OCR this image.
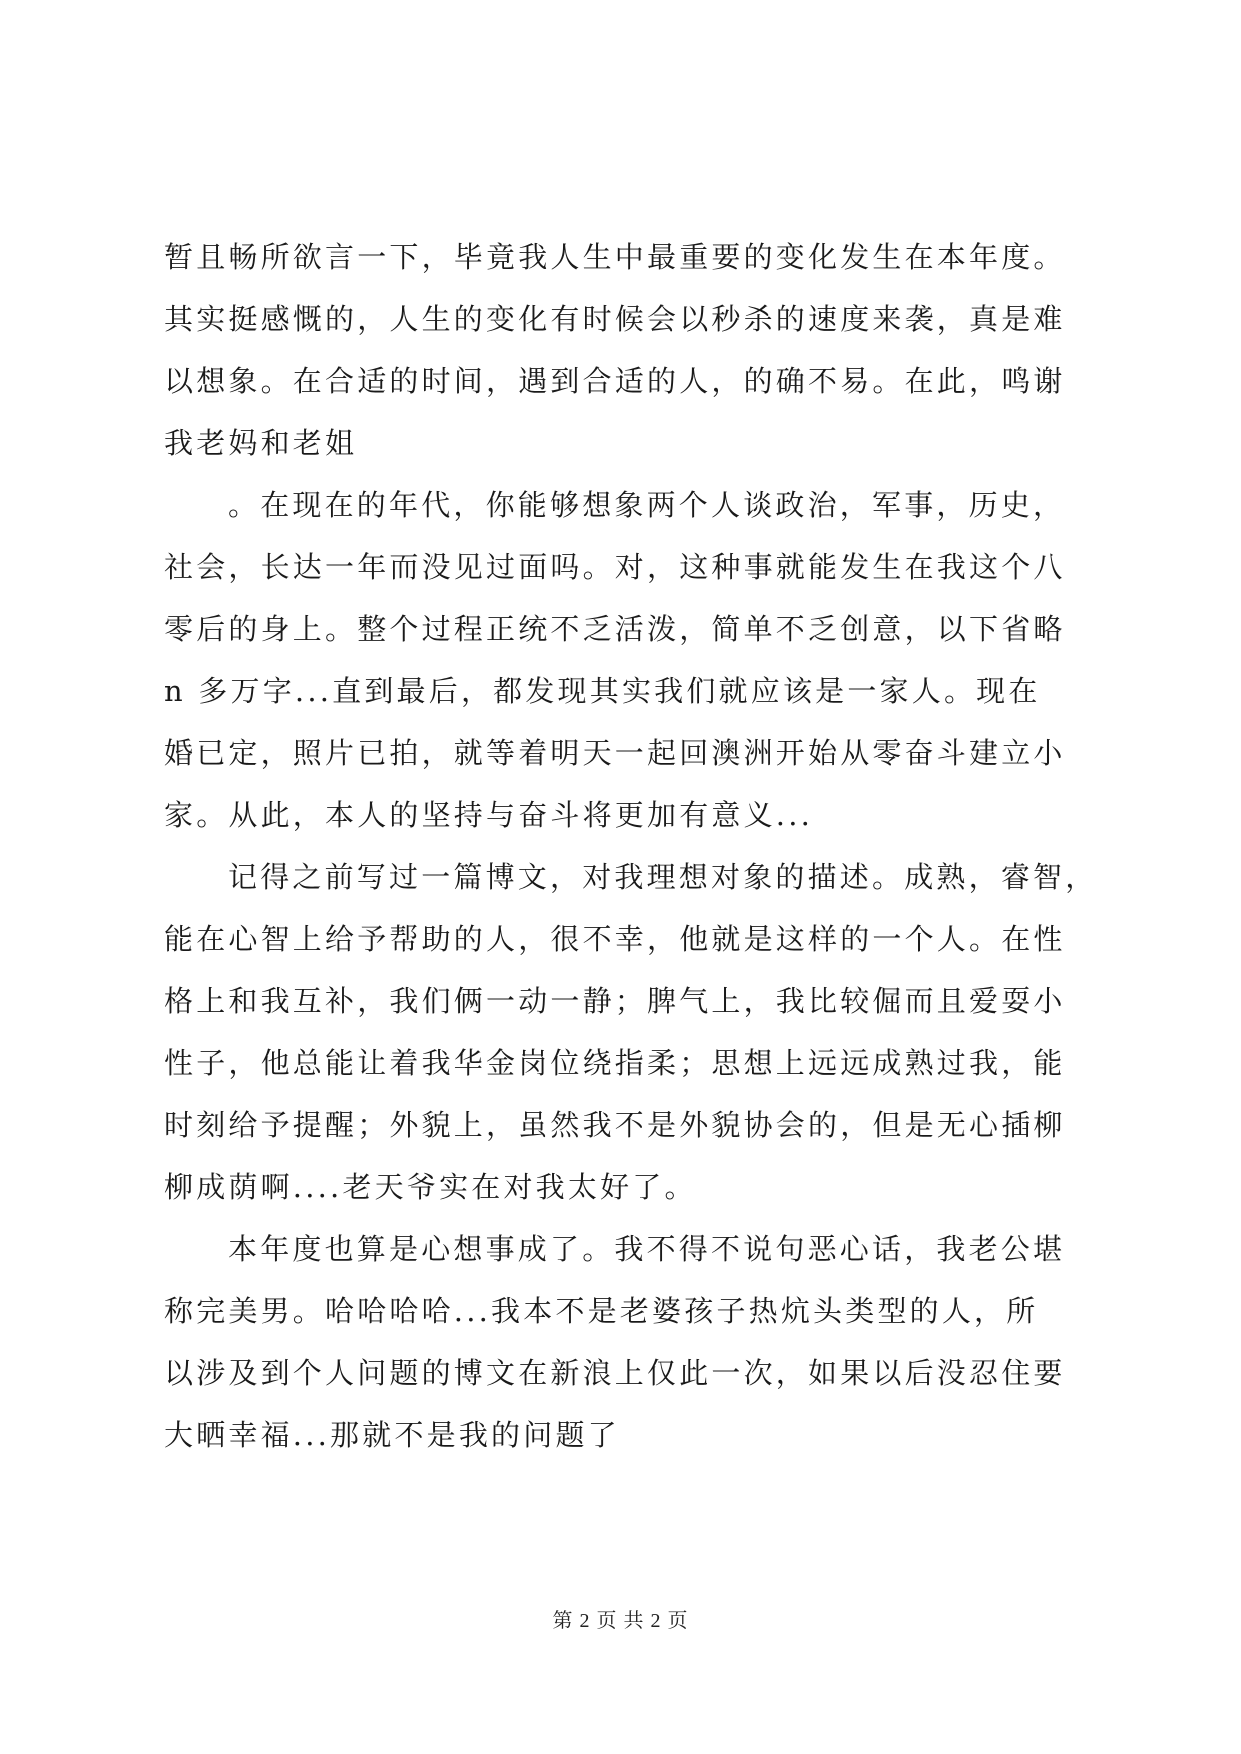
暂且畅所欲言一下，毕竟我人生中最重要的变化发生在本年度。
其实挺感慨的，人生的变化有时候会以秒杀的速度来袭，真是难
以想象。在合适的时间，遇到合适的人，的确不易。在此，鸣谢
我老妈和老姐
。在现在的年代，你能够想象两个人谈政治，军事，历史，
社会，长达一年而没见过面吗。对，这种事就能发生在我这个八
零后的身上。整个过程正统不乏活泼，简单不乏创意，以下省略
n 多万字...直到最后，都发现其实我们就应该是一家人。现在
婚已定，照片已拍，就等着明天一起回澳洲开始从零奋斗建立小
家。从此，本人的坚持与奋斗将更加有意义...
记得之前写过一篇博文，对我理想对象的描述。成熟，睿智，
能在心智上给予帮助的人，很不幸，他就是这样的一个人。在性
格上和我互补，我们俩一动一静；脾气上，我比较倔而且爱耍小
性子，他总能让着我华金岗位绕指柔；思想上远远成熟过我，能
时刻给予提醒；外貌上，虽然我不是外貌协会的，但是无心插柳
柳成荫啊....老天爷实在对我太好了。
本年度也算是心想事成了。我不得不说句恶心话，我老公堪
称完美男。哈哈哈哈...我本不是老婆孩子热炕头类型的人，所
以涉及到个人问题的博文在新浪上仅此一次，如果以后没忍住要
大晒幸福...那就不是我的问题了
第 2 页 共 2 页
